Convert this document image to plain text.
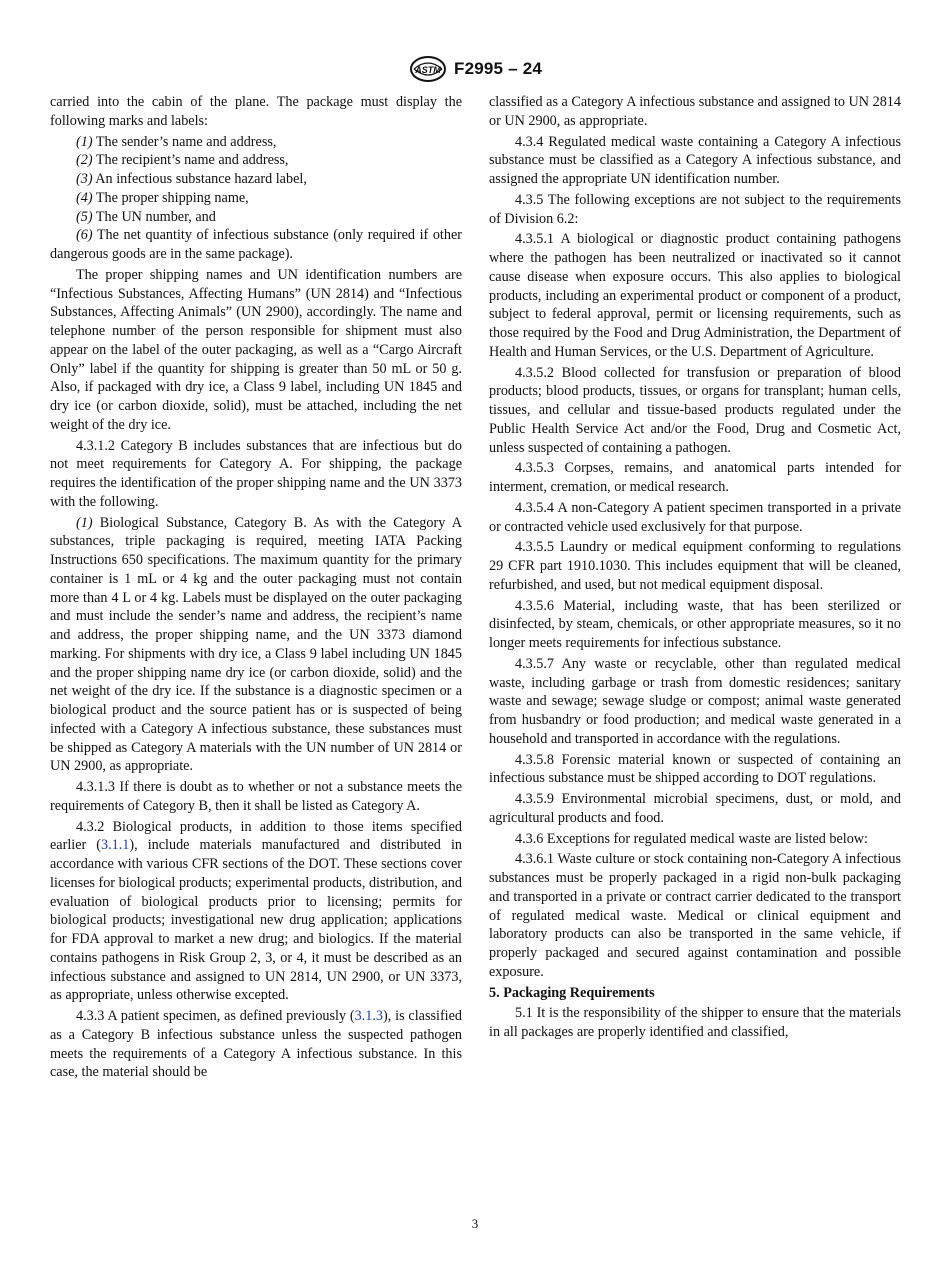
ASTM F2995 – 24

carried into the cabin of the plane. The package must display the following marks and labels:

(1) The sender’s name and address,

(2) The recipient’s name and address,

(3) An infectious substance hazard label,

(4) The proper shipping name,

(5) The UN number, and

(6) The net quantity of infectious substance (only required if other dangerous goods are in the same package).

The proper shipping names and UN identification numbers are “Infectious Substances, Affecting Humans” (UN 2814) and “Infectious Substances, Affecting Animals” (UN 2900), accordingly. The name and telephone number of the person responsible for shipment must also appear on the label of the outer packaging, as well as a “Cargo Aircraft Only” label if the quantity for shipping is greater than 50 mL or 50 g. Also, if packaged with dry ice, a Class 9 label, including UN 1845 and dry ice (or carbon dioxide, solid), must be attached, including the net weight of the dry ice.

4.3.1.2 Category B includes substances that are infectious but do not meet requirements for Category A. For shipping, the package requires the identification of the proper shipping name and the UN 3373 with the following.

(1) Biological Substance, Category B. As with the Category A substances, triple packaging is required, meeting IATA Packing Instructions 650 specifications. The maximum quantity for the primary container is 1 mL or 4 kg and the outer packaging must not contain more than 4 L or 4 kg. Labels must be displayed on the outer packaging and must include the sender’s name and address, the recipient’s name and address, the proper shipping name, and the UN 3373 diamond marking. For shipments with dry ice, a Class 9 label including UN 1845 and the proper shipping name dry ice (or carbon dioxide, solid) and the net weight of the dry ice. If the substance is a diagnostic specimen or a biological product and the source patient has or is suspected of being infected with a Category A infectious substance, these substances must be shipped as Category A materials with the UN number of UN 2814 or UN 2900, as appropriate.

4.3.1.3 If there is doubt as to whether or not a substance meets the requirements of Category B, then it shall be listed as Category A.

4.3.2 Biological products, in addition to those items specified earlier (3.1.1), include materials manufactured and distributed in accordance with various CFR sections of the DOT. These sections cover licenses for biological products; experimental products, distribution, and evaluation of biological products prior to licensing; permits for biological products; investigational new drug application; applications for FDA approval to market a new drug; and biologics. If the material contains pathogens in Risk Group 2, 3, or 4, it must be described as an infectious substance and assigned to UN 2814, UN 2900, or UN 3373, as appropriate, unless otherwise excepted.

4.3.3 A patient specimen, as defined previously (3.1.3), is classified as a Category B infectious substance unless the suspected pathogen meets the requirements of a Category A infectious substance. In this case, the material should be

classified as a Category A infectious substance and assigned to UN 2814 or UN 2900, as appropriate.

4.3.4 Regulated medical waste containing a Category A infectious substance must be classified as a Category A infectious substance, and assigned the appropriate UN identification number.

4.3.5 The following exceptions are not subject to the requirements of Division 6.2:

4.3.5.1 A biological or diagnostic product containing pathogens where the pathogen has been neutralized or inactivated so it cannot cause disease when exposure occurs. This also applies to biological products, including an experimental product or component of a product, subject to federal approval, permit or licensing requirements, such as those required by the Food and Drug Administration, the Department of Health and Human Services, or the U.S. Department of Agriculture.

4.3.5.2 Blood collected for transfusion or preparation of blood products; blood products, tissues, or organs for transplant; human cells, tissues, and cellular and tissue-based products regulated under the Public Health Service Act and/or the Food, Drug and Cosmetic Act, unless suspected of containing a pathogen.

4.3.5.3 Corpses, remains, and anatomical parts intended for interment, cremation, or medical research.

4.3.5.4 A non-Category A patient specimen transported in a private or contracted vehicle used exclusively for that purpose.

4.3.5.5 Laundry or medical equipment conforming to regulations 29 CFR part 1910.1030. This includes equipment that will be cleaned, refurbished, and used, but not medical equipment disposal.

4.3.5.6 Material, including waste, that has been sterilized or disinfected, by steam, chemicals, or other appropriate measures, so it no longer meets requirements for infectious substance.

4.3.5.7 Any waste or recyclable, other than regulated medical waste, including garbage or trash from domestic residences; sanitary waste and sewage; sewage sludge or compost; animal waste generated from husbandry or food production; and medical waste generated in a household and transported in accordance with the regulations.

4.3.5.8 Forensic material known or suspected of containing an infectious substance must be shipped according to DOT regulations.

4.3.5.9 Environmental microbial specimens, dust, or mold, and agricultural products and food.

4.3.6 Exceptions for regulated medical waste are listed below:

4.3.6.1 Waste culture or stock containing non-Category A infectious substances must be properly packaged in a rigid non-bulk packaging and transported in a private or contract carrier dedicated to the transport of regulated medical waste. Medical or clinical equipment and laboratory products can also be transported in the same vehicle, if properly packaged and secured against contamination and possible exposure.

5. Packaging Requirements

5.1 It is the responsibility of the shipper to ensure that the materials in all packages are properly identified and classified,

3
